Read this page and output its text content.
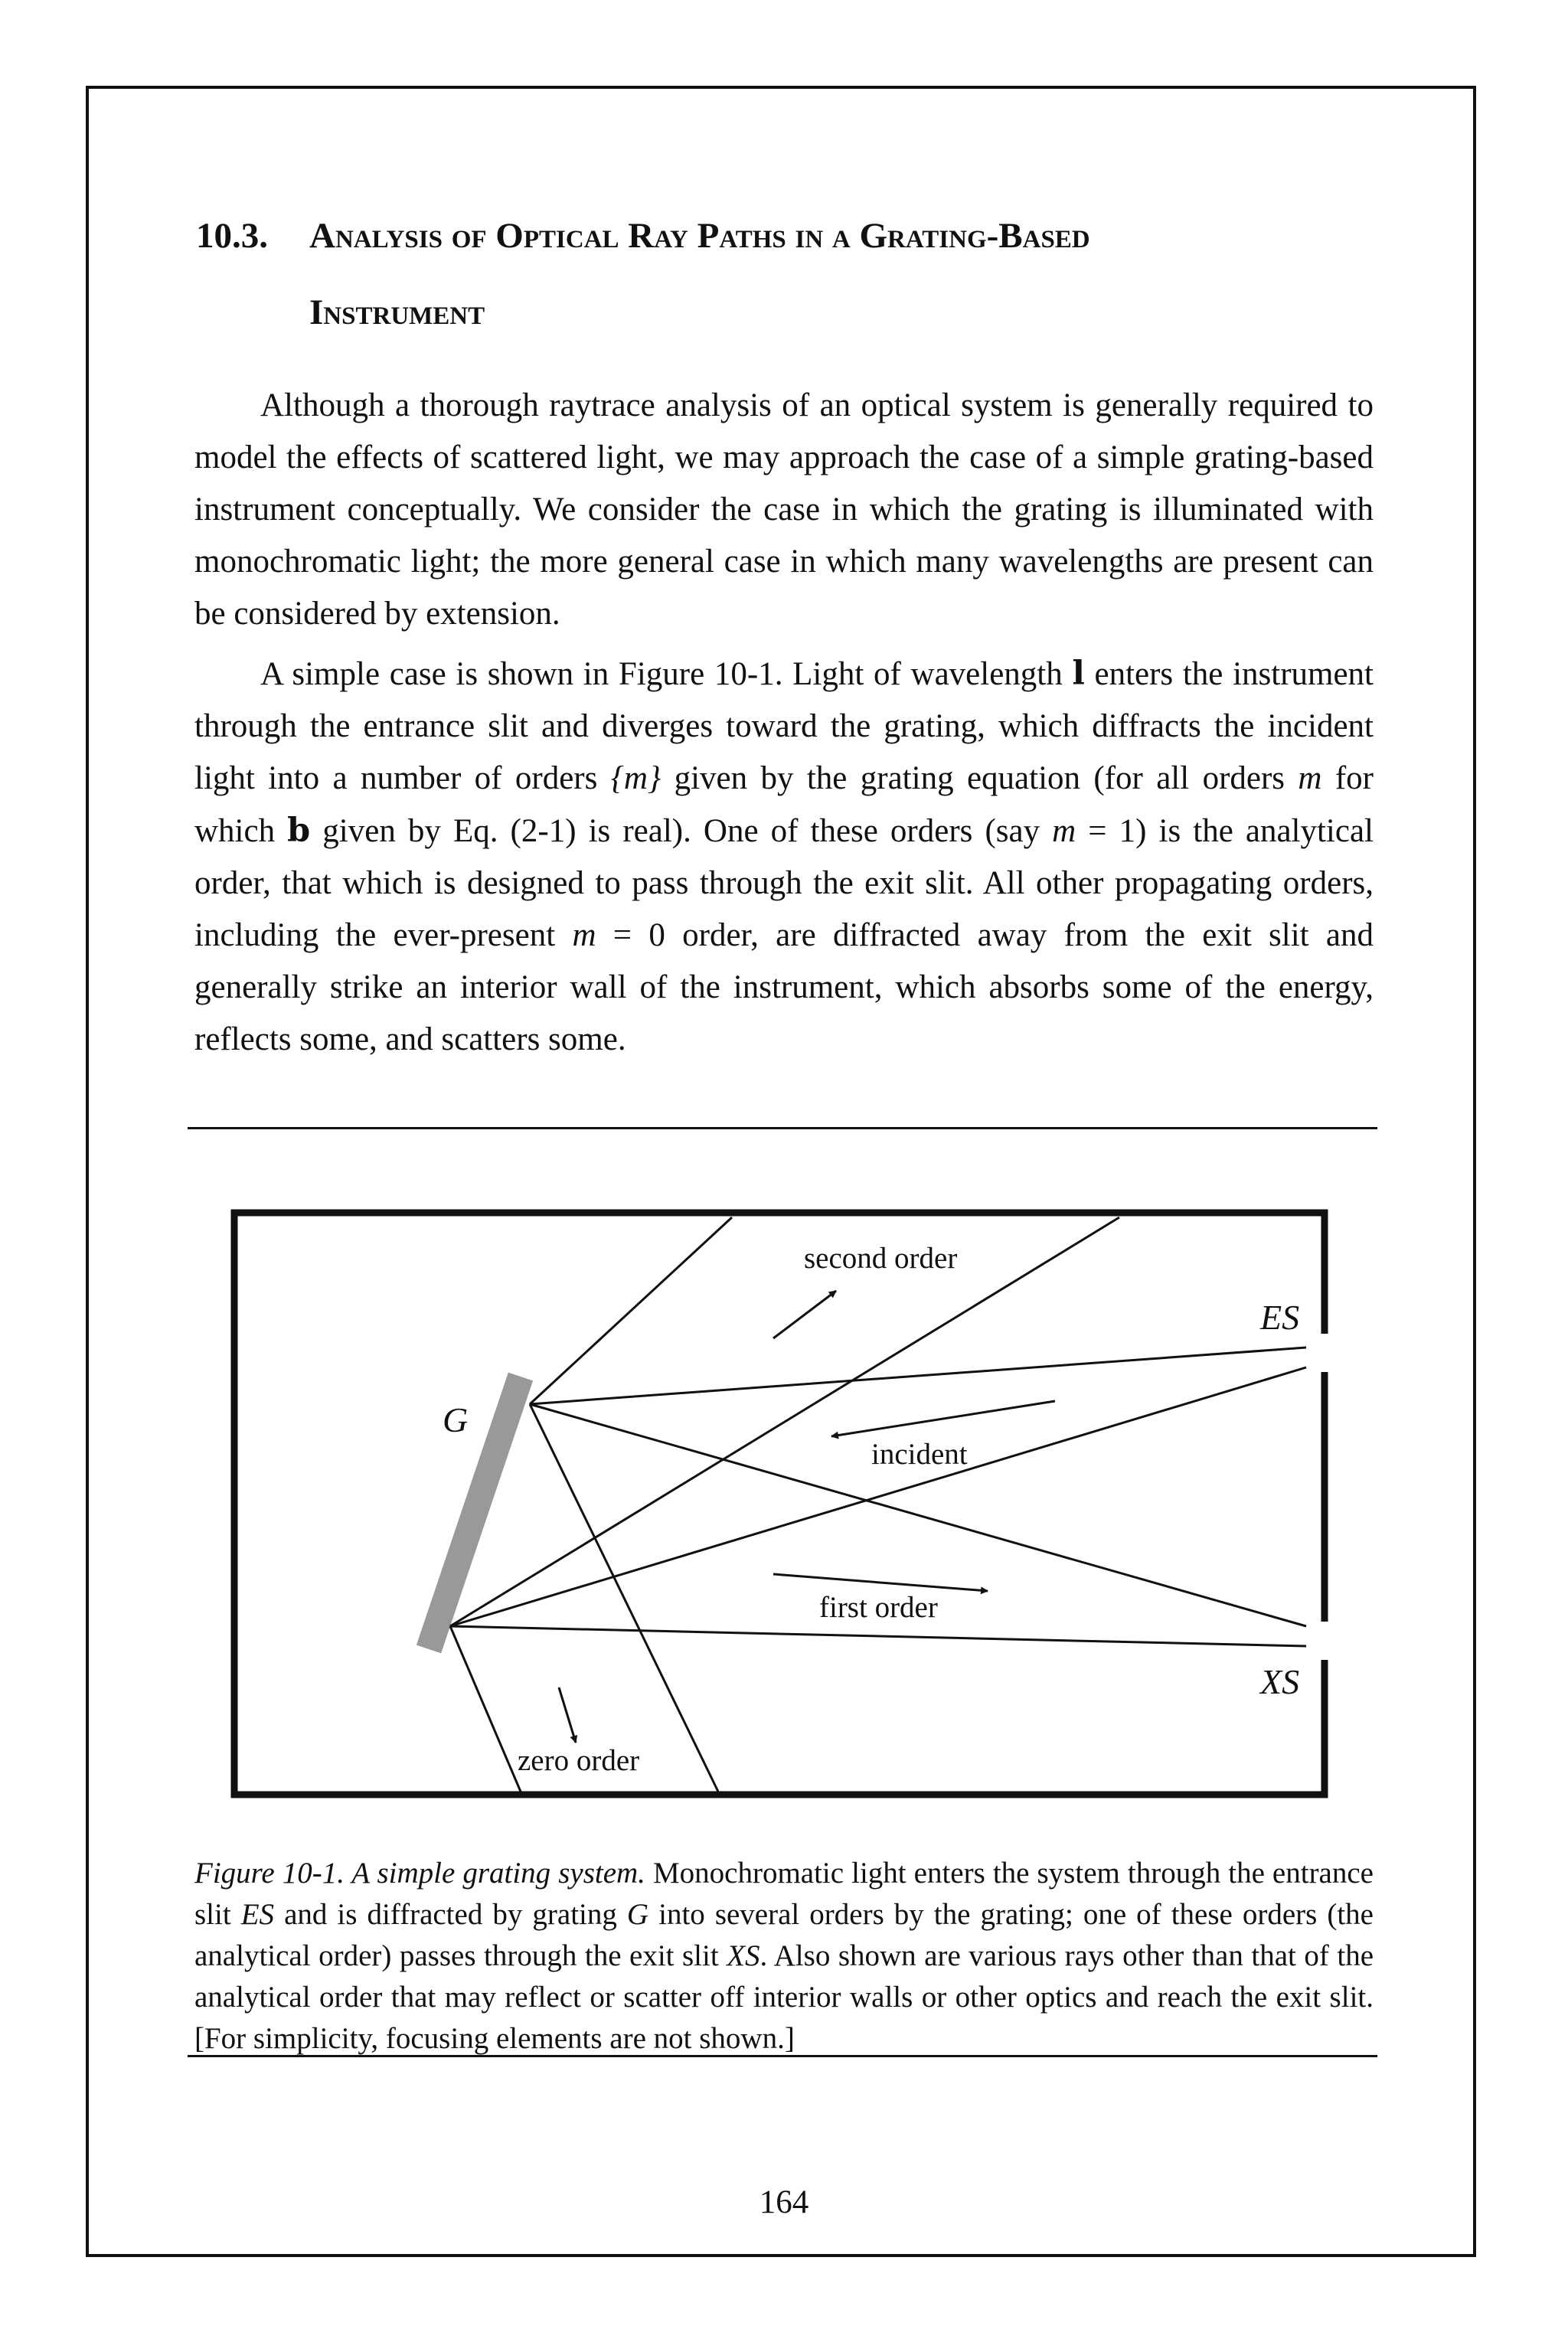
10.3. Analysis of Optical Ray Paths in a Grating-Based
Instrument

Although a thorough raytrace analysis of an optical system is generally required to model the effects of scattered light, we may approach the case of a simple grating-based instrument conceptually. We consider the case in which the grating is illuminated with monochromatic light; the more general case in which many wavelengths are present can be considered by extension.

A simple case is shown in Figure 10-1. Light of wavelength l enters the instrument through the entrance slit and diverges toward the grating, which diffracts the incident light into a number of orders {m} given by the grating equation (for all orders m for which b given by Eq. (2-1) is real). One of these orders (say m = 1) is the analytical order, that which is designed to pass through the exit slit. All other propagating orders, including the ever-present m = 0 order, are diffracted away from the exit slit and generally strike an interior wall of the instrument, which absorbs some of the energy, reflects some, and scatters some.

second order
ES
G
incident
first order
XS
zero order
Figure 10-1. A simple grating system. Monochromatic light enters the system through the entrance slit ES and is diffracted by grating G into several orders by the grating; one of these orders (the analytical order) passes through the exit slit XS. Also shown are various rays other than that of the analytical order that may reflect or scatter off interior walls or other optics and reach the exit slit. [For simplicity, focusing elements are not shown.]
164
